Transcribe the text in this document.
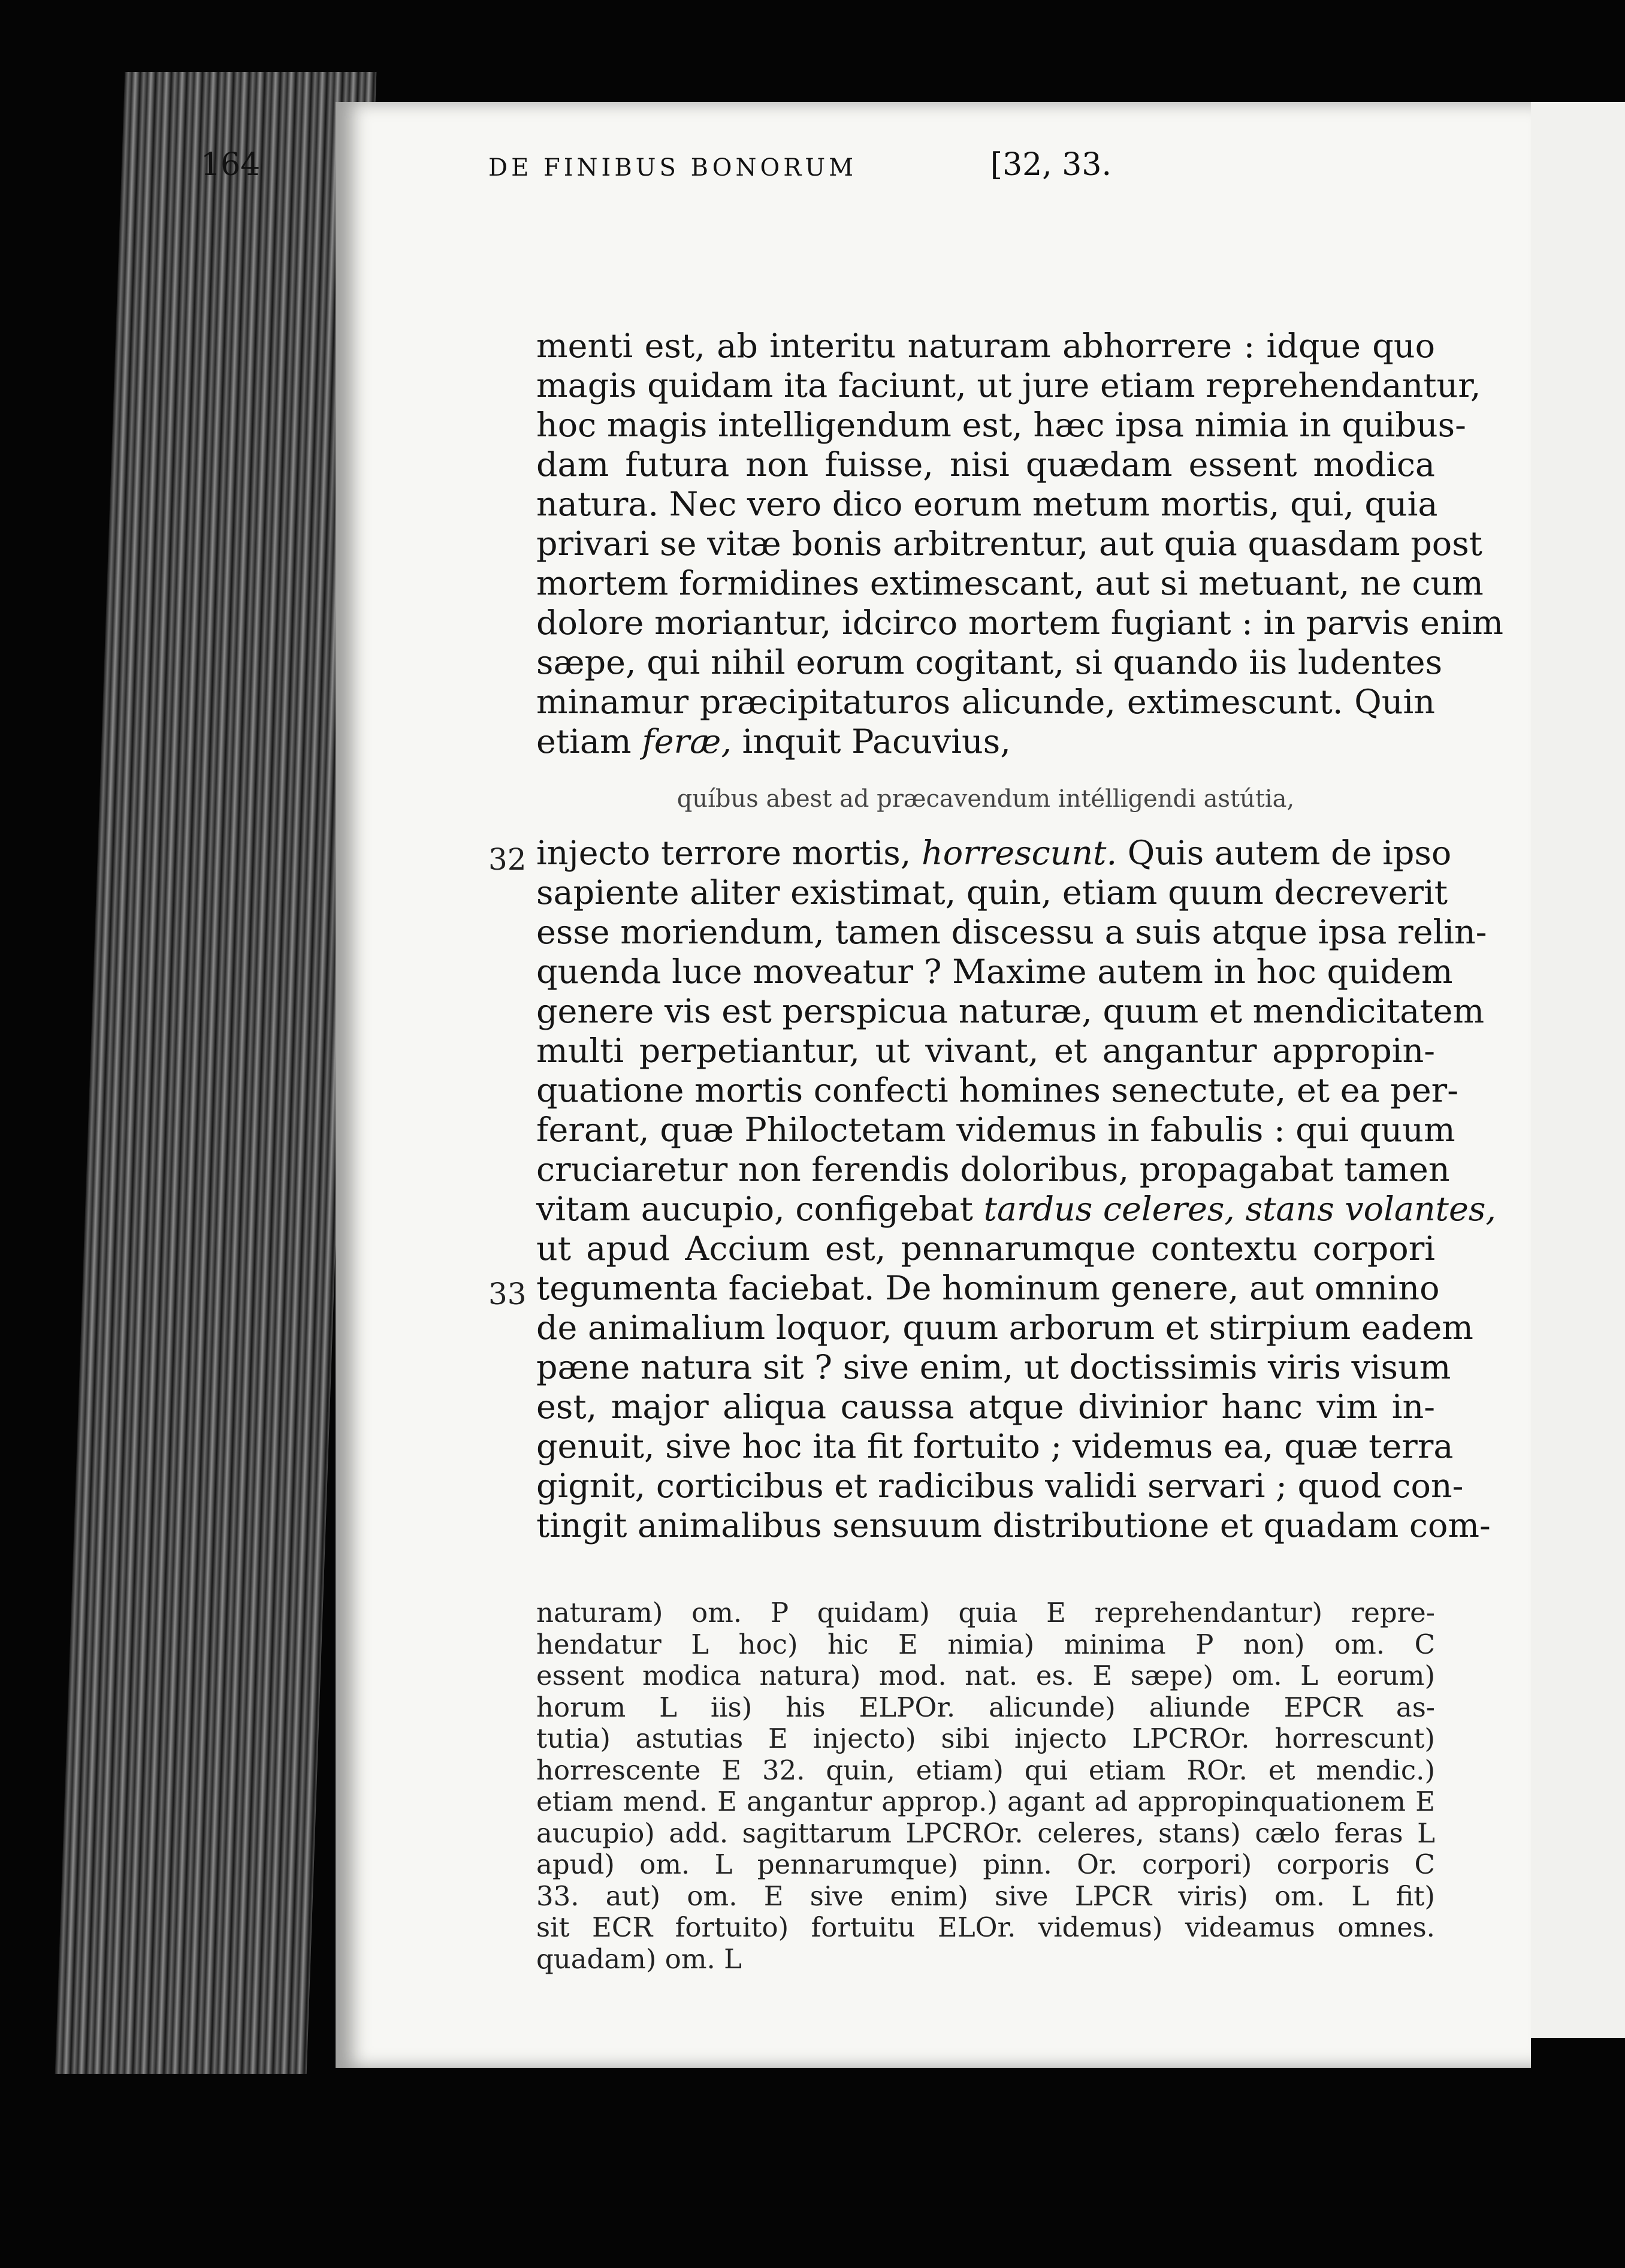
164	DE FINIBUS BONORUM	[32, 33.
32
33
menti est, ab interitu naturam abhorrere : idque quo
magis quidam ita faciunt, ut jure etiam reprehendantur,
hoc magis intelligendum est, hæc ipsa nimia in quibus-
dam futura non fuisse, nisi quædam essent modica
natura. Nec vero dico eorum metum mortis, qui, quia
privari se vitæ bonis arbitrentur, aut quia quasdam post
mortem formidines extimescant, aut si metuant, ne cum
dolore moriantur, idcirco mortem fugiant : in parvis enim
sæpe, qui nihil eorum cogitant, si quando iis ludentes
minamur præcipitaturos alicunde, extimescunt. Quin
etiam feræ, inquit Pacuvius,
quíbus abest ad præcavendum intélligendi astútia,
injecto terrore mortis, horrescunt. Quis autem de ipso
sapiente aliter existimat, quin, etiam quum decreverit
esse moriendum, tamen discessu a suis atque ipsa relin-
quenda luce moveatur ? Maxime autem in hoc quidem
genere vis est perspicua naturæ, quum et mendicitatem
multi perpetiantur, ut vivant, et angantur appropin-
quatione mortis confecti homines senectute, et ea per-
ferant, quæ Philoctetam videmus in fabulis : qui quum
cruciaretur non ferendis doloribus, propagabat tamen
vitam aucupio, configebat tardus celeres, stans volantes,
ut apud Accium est, pennarumque contextu corpori
tegumenta faciebat. De hominum genere, aut omnino
de animalium loquor, quum arborum et stirpium eadem
pæne natura sit ? sive enim, ut doctissimis viris visum
est, major aliqua caussa atque divinior hanc vim in-
genuit, sive hoc ita fit fortuito ; videmus ea, quæ terra
gignit, corticibus et radicibus validi servari ; quod con-
tingit animalibus sensuum distributione et quadam com-
naturam) om. P quidam) quia E reprehendantur) repre-
hendatur L hoc) hic E nimia) minima P non) om. C
essent modica natura) mod. nat. es. E sæpe) om. L eorum)
horum L iis) his ELPOr. alicunde) aliunde EPCR as-
tutia) astutias E injecto) sibi injecto LPCROr. horrescunt)
horrescente E 32. quin, etiam) qui etiam ROr. et mendic.)
etiam mend. E angantur approp.) agant ad appropinquationem E
aucupio) add. sagittarum LPCROr. celeres, stans) cælo feras L
apud) om. L pennarumque) pinn. Or. corpori) corporis C
33. aut) om. E sive enim) sive LPCR viris) om. L fit)
sit ECR fortuito) fortuitu ELOr. videmus) videamus omnes.
quadam) om. L
